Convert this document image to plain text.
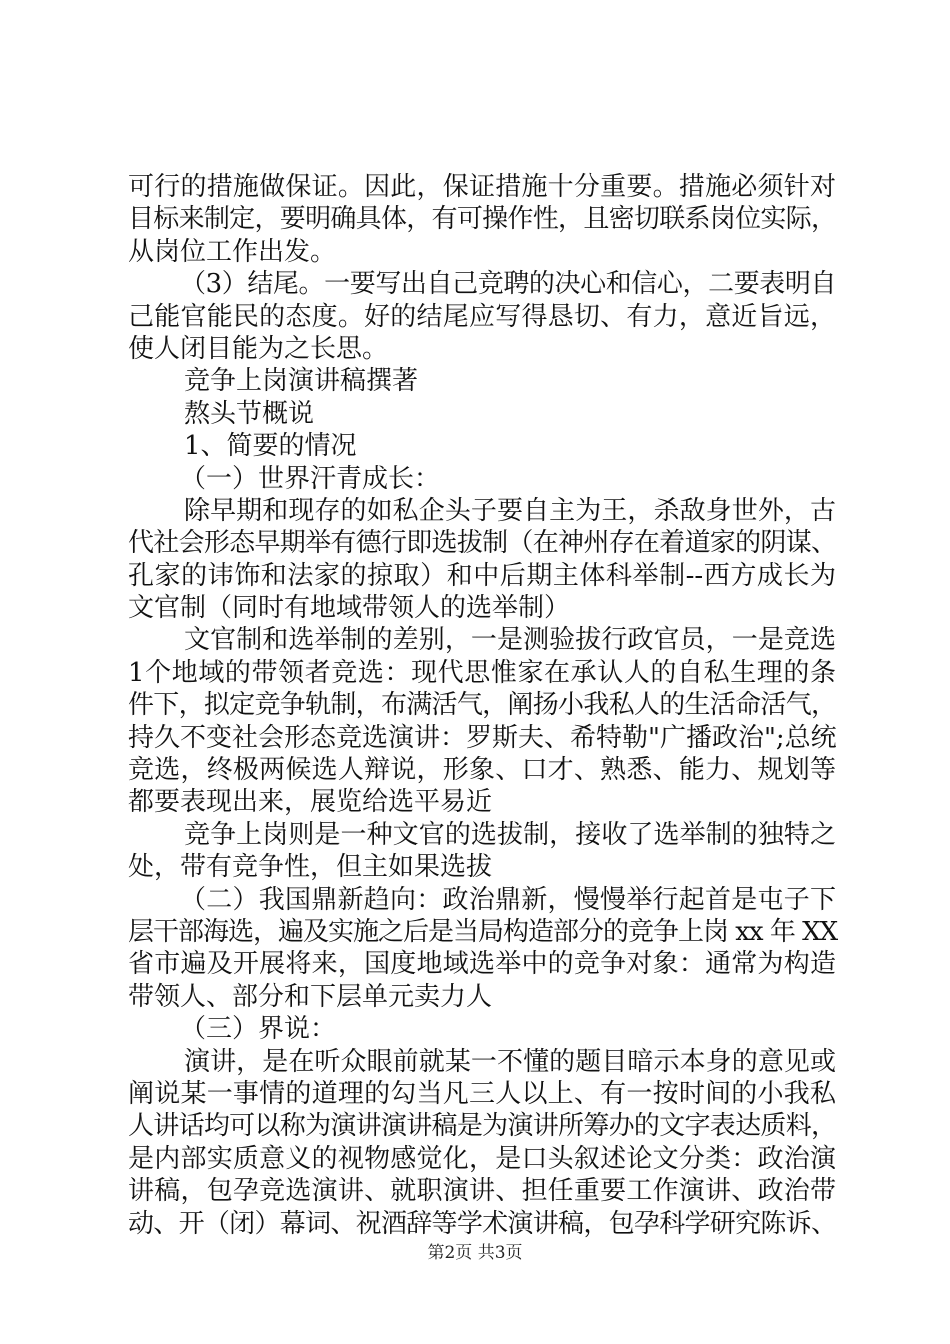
可行的措施做保证。因此，保证措施十分重要。措施必须针对
目标来制定，要明确具体，有可操作性，且密切联系岗位实际，
从岗位工作出发。
（3）结尾。一要写出自己竞聘的决心和信心，二要表明自
己能官能民的态度。好的结尾应写得恳切、有力，意近旨远，
使人闭目能为之长思。
竞争上岗演讲稿撰著
熬头节概说
1、简要的情况
（一）世界汗青成长：
除早期和现存的如私企头子要自主为王，杀敌身世外，古
代社会形态早期举有德行即选拔制（在神州存在着道家的阴谋、
孔家的讳饰和法家的掠取）和中后期主体科举制--西方成长为
文官制（同时有地域带领人的选举制）
文官制和选举制的差别，一是测验拔行政官员，一是竞选
1个地域的带领者竞选：现代思惟家在承认人的自私生理的条
件下，拟定竞争轨制，布满活气，阐扬小我私人的生活命活气，
持久不变社会形态竞选演讲：罗斯夫、希特勒"广播政治";总统
竞选，终极两候选人辩说，形象、口才、熟悉、能力、规划等
都要表现出来，展览给选平易近
竞争上岗则是一种文官的选拔制，接收了选举制的独特之
处，带有竞争性，但主如果选拔
（二）我国鼎新趋向：政治鼎新，慢慢举行起首是屯子下
层干部海选，遍及实施之后是当局构造部分的竞争上岗 xx 年 XX
省市遍及开展将来，国度地域选举中的竞争对象：通常为构造
带领人、部分和下层单元卖力人
（三）界说：
演讲，是在听众眼前就某一不懂的题目暗示本身的意见或
阐说某一事情的道理的勾当凡三人以上、有一按时间的小我私
人讲话均可以称为演讲演讲稿是为演讲所筹办的文字表达质料，
是内部实质意义的视物感觉化，是口头叙述论文分类：政治演
讲稿，包孕竞选演讲、就职演讲、担任重要工作演讲、政治带
动、开（闭）幕词、祝酒辞等学术演讲稿，包孕科学研究陈诉、
第2页 共3页
